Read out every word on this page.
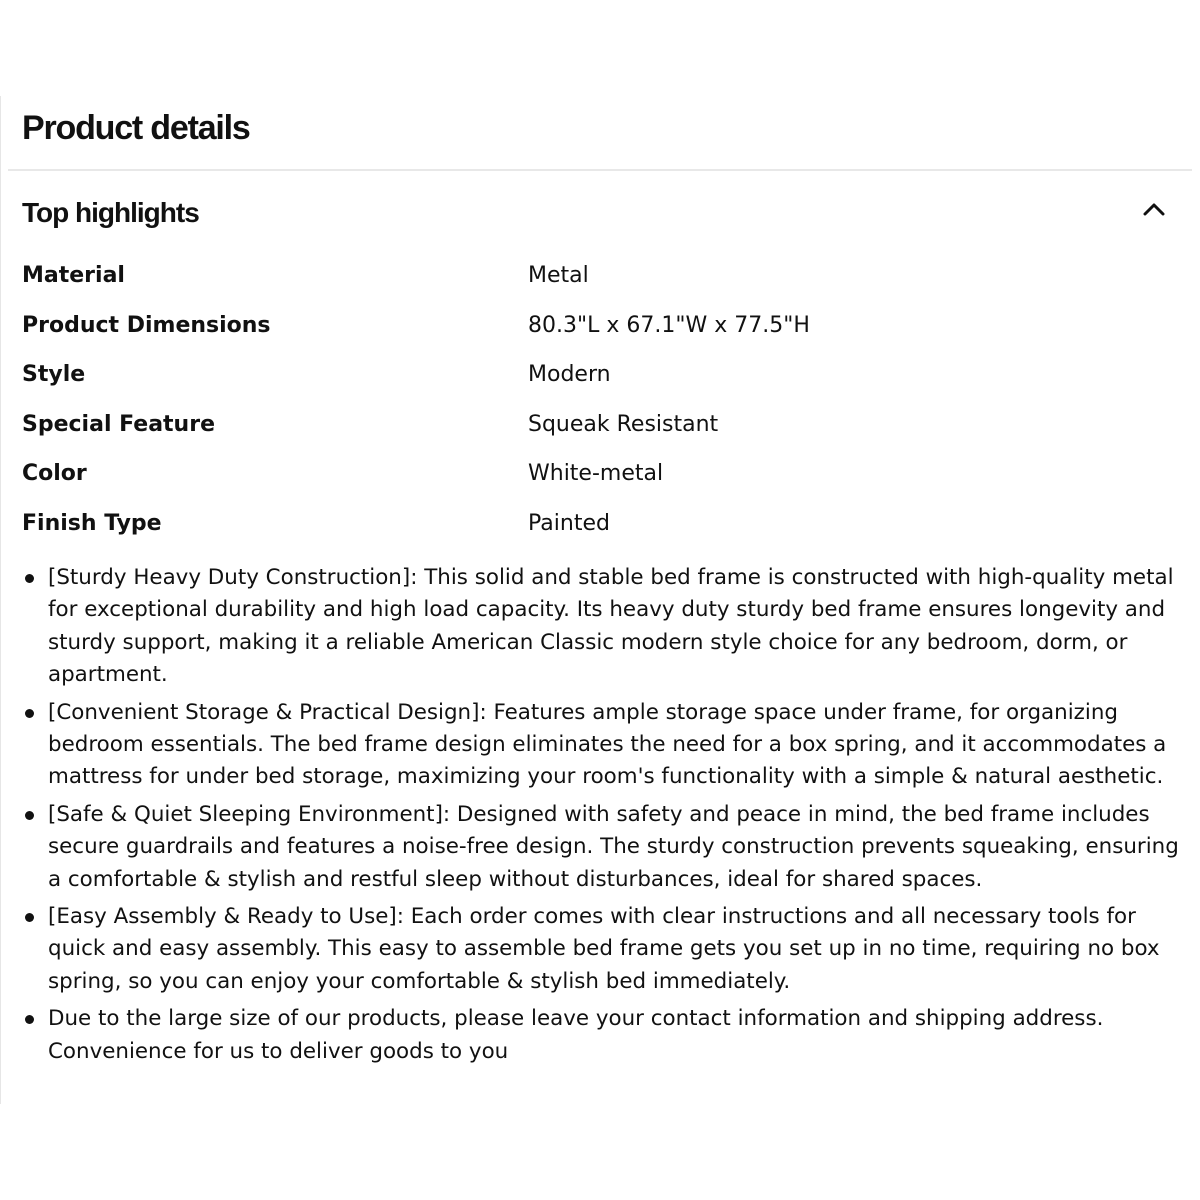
Product details
Top highlights
Material	Metal
Product Dimensions	80.3"L x 67.1"W x 77.5"H
Style	Modern
Special Feature	Squeak Resistant
Color	White-metal
Finish Type	Painted
[Sturdy Heavy Duty Construction]: This solid and stable bed frame is constructed with high-quality metal for exceptional durability and high load capacity. Its heavy duty sturdy bed frame ensures longevity and sturdy support, making it a reliable American Classic modern style choice for any bedroom, dorm, or apartment.
[Convenient Storage & Practical Design]: Features ample storage space under frame, for organizing bedroom essentials. The bed frame design eliminates the need for a box spring, and it accommodates a mattress for under bed storage, maximizing your room's functionality with a simple & natural aesthetic.
[Safe & Quiet Sleeping Environment]: Designed with safety and peace in mind, the bed frame includes secure guardrails and features a noise-free design. The sturdy construction prevents squeaking, ensuring a comfortable & stylish and restful sleep without disturbances, ideal for shared spaces.
[Easy Assembly & Ready to Use]: Each order comes with clear instructions and all necessary tools for quick and easy assembly. This easy to assemble bed frame gets you set up in no time, requiring no box spring, so you can enjoy your comfortable & stylish bed immediately.
Due to the large size of our products, please leave your contact information and shipping address. Convenience for us to deliver goods to you
